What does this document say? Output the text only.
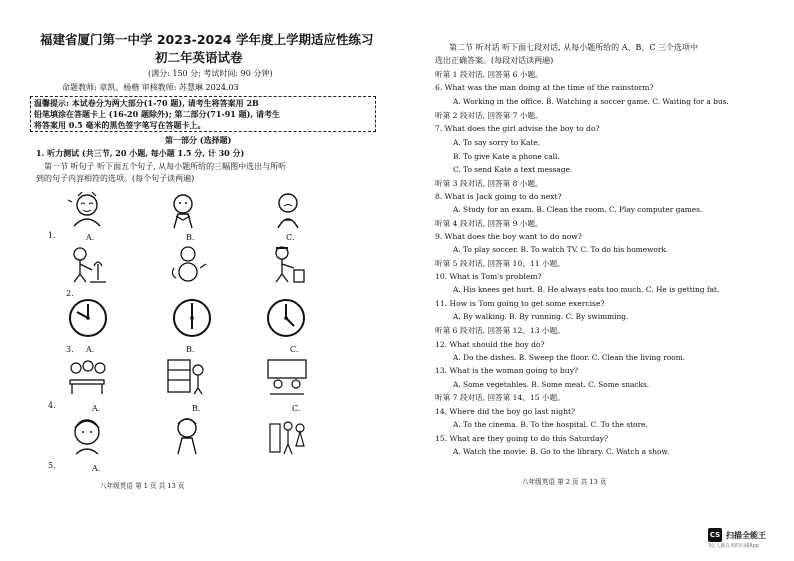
福建省厦门第一中学 2023-2024 学年度上学期适应性练习
初二年英语试卷
(满分: 150 分; 考试时间: 90 分钟)
命题教师: 章凯、杨楷 审核教师: 苏慧琳 2024.03
温馨提示: 本试卷分为两大部分(1-70 题), 请考生将答案用 2B
铅笔填涂在答题卡上 (16-20 题除外); 第二部分(71-91 题), 请考生
将答案用 0.5 毫米的黑色签字笔写在答题卡上。
第一部分 (选择题)
1. 听力测试 (共三节, 20 小题, 每小题 1.5 分, 计 30 分)
第一节 听句子 听下面五个句子, 从每小题所给的三幅图中选出与所听
到的句子内容相符的选项。(每个句子读两遍)
1.	A.	B.	C.
2.
3. A.	B.	C.
4.	A.	B.	C.
5.	A.
八年级英语 第 1 页 共 13 页
第二节 听对话 听下面七段对话, 从每小题所给的 A、B、C 三个选项中
选出正确答案。(每段对话读两遍)
听第 1 段对话, 回答第 6 小题。
6. What was the man doing at the time of the rainstorm?
A. Working in the office. B. Watching a soccer game. C. Waiting for a bus.
听第 2 段对话, 回答第 7 小题。
7. What does the girl advise the boy to do?
A. To say sorry to Kate.
B. To give Kate a phone call.
C. To send Kate a text message.
听第 3 段对话, 回答第 8 小题。
8. What is Jack going to do next?
A. Study for an exam. B. Clean the room. C. Play computer games.
听第 4 段对话, 回答第 9 小题。
9. What does the boy want to do now?
A. To play soccer. B. To watch TV. C. To do his homework.
听第 5 段对话, 回答第 10、11 小题。
10. What is Tom's problem?
A. His knees get hurt. B. He always eats too much. C. He is getting fat.
11. How is Tom going to get some exercise?
A. By walking. B. By running. C. By swimming.
听第 6 段对话, 回答第 12、13 小题。
12. What should the boy do?
A. Do the dishes. B. Sweep the floor. C. Clean the living room.
13. What is the woman going to buy?
A. Some vegetables. B. Some meat. C. Some snacks.
听第 7 段对话, 回答第 14、15 小题。
14. Where did the boy go last night?
A. To the cinema. B. To the hospital. C. To the store.
15. What are they going to do this Saturday?
A. Watch the movie. B. Go to the library. C. Watch a show.
八年级英语 第 2 页 共 13 页
CS 扫描全能王
3亿人都在用的扫描App
